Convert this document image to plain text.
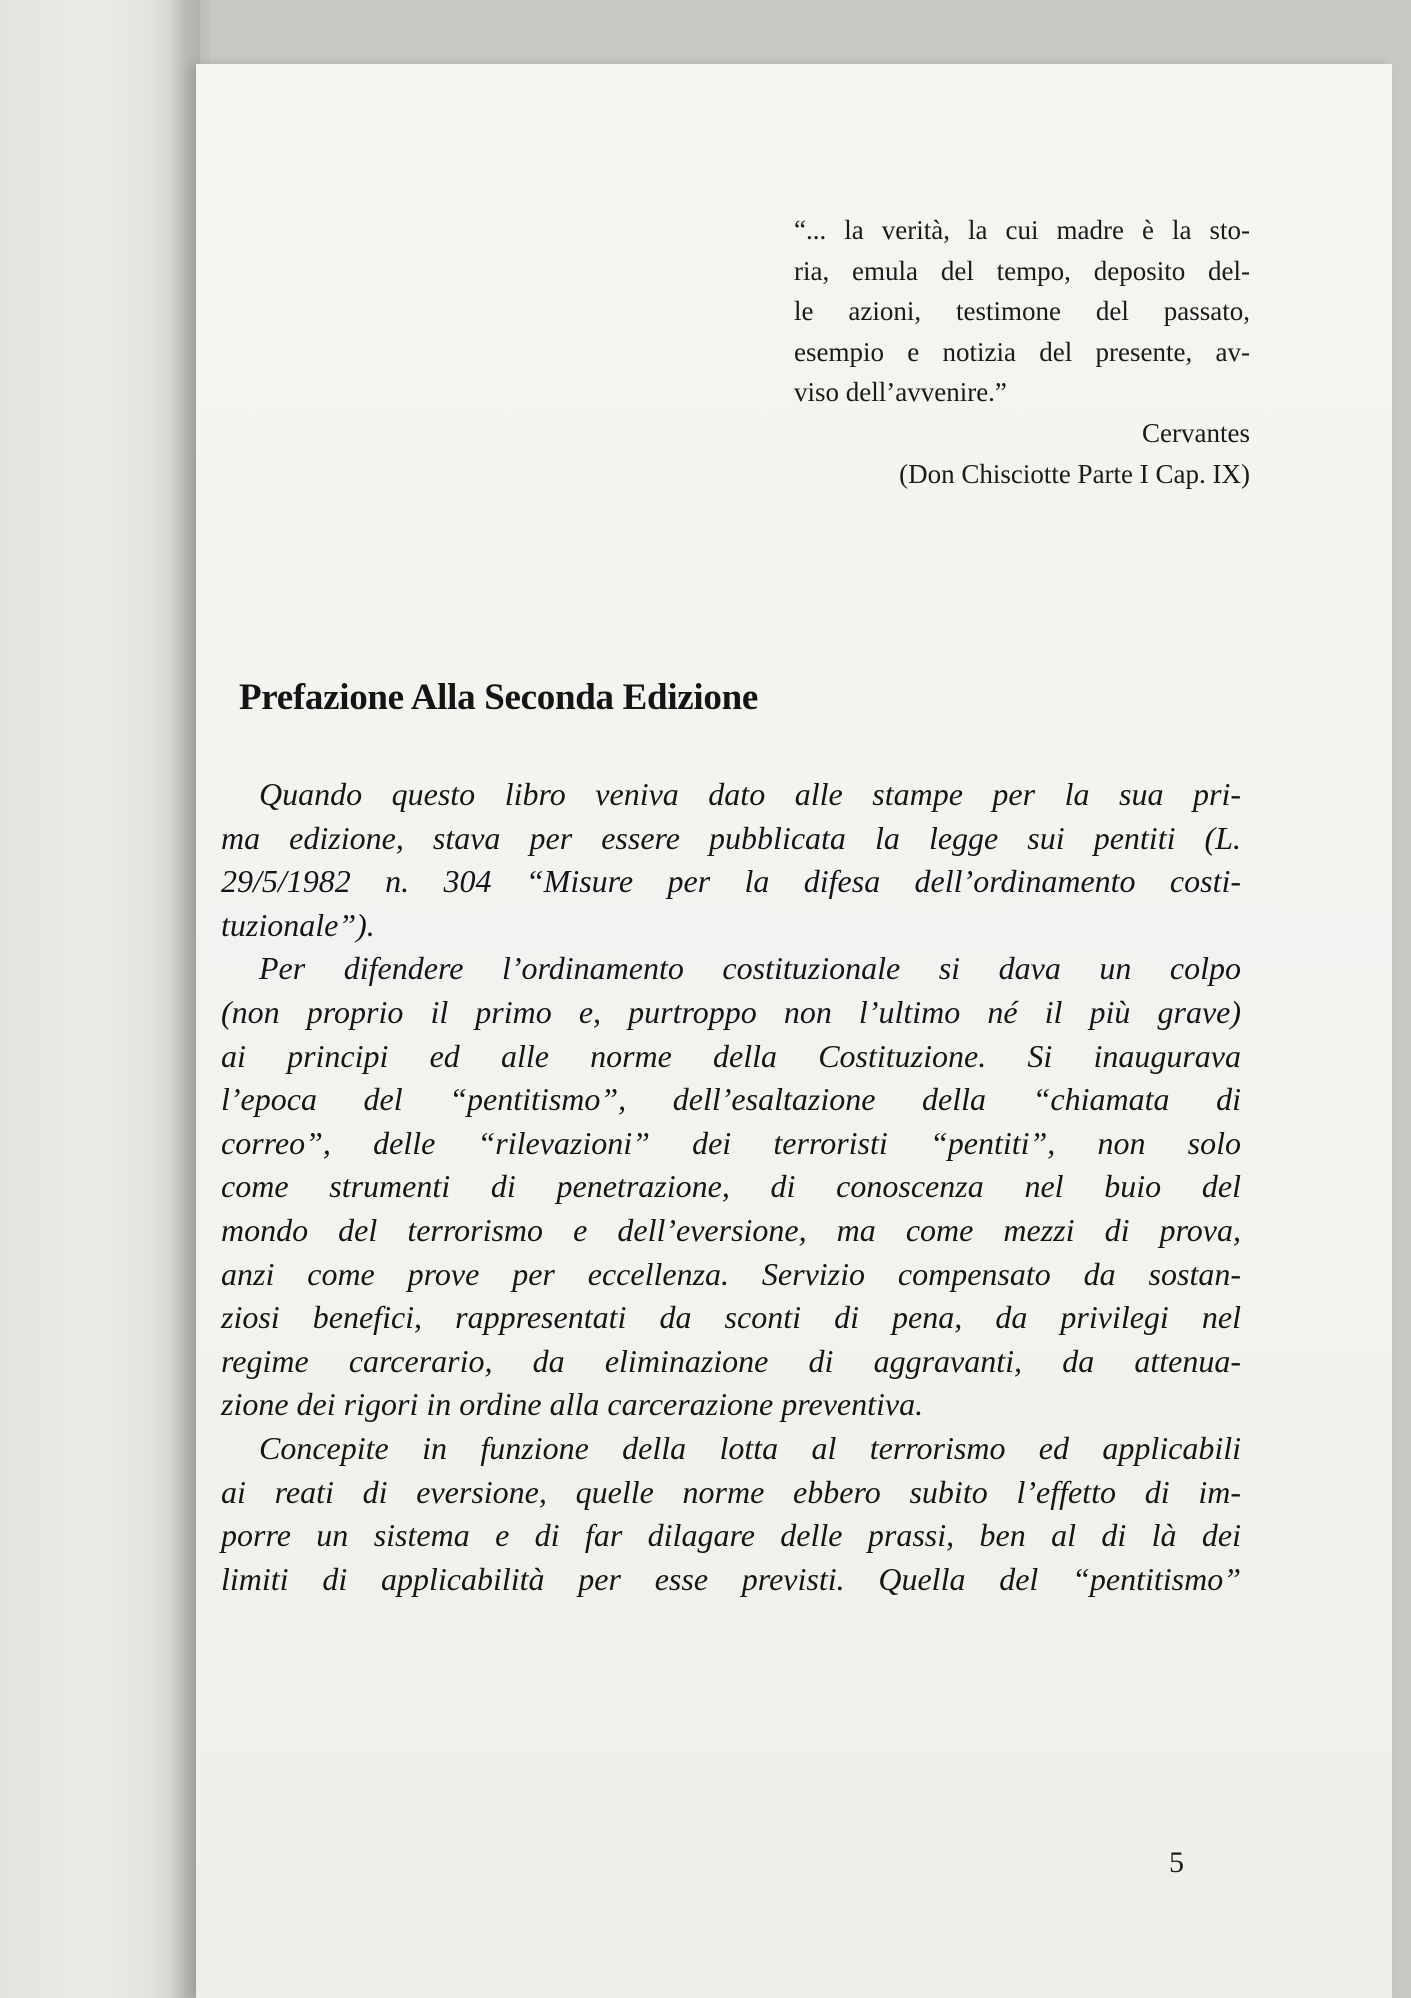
“... la verità, la cui madre è la sto-
ria, emula del tempo, deposito del-
le azioni, testimone del passato,
esempio e notizia del presente, av-
viso dell’avvenire.”
Cervantes
(Don Chisciotte Parte I Cap. IX)
Prefazione Alla Seconda Edizione
Quando questo libro veniva dato alle stampe per la sua pri-
ma edizione, stava per essere pubblicata la legge sui pentiti (L.
29/5/1982 n. 304 “Misure per la difesa dell’ordinamento costi-
tuzionale”).
Per difendere l’ordinamento costituzionale si dava un colpo
(non proprio il primo e, purtroppo non l’ultimo né il più grave)
ai principi ed alle norme della Costituzione. Si inaugurava
l’epoca del “pentitismo”, dell’esaltazione della “chiamata di
correo”, delle “rilevazioni” dei terroristi “pentiti”, non solo
come strumenti di penetrazione, di conoscenza nel buio del
mondo del terrorismo e dell’eversione, ma come mezzi di prova,
anzi come prove per eccellenza. Servizio compensato da sostan-
ziosi benefici, rappresentati da sconti di pena, da privilegi nel
regime carcerario, da eliminazione di aggravanti, da attenua-
zione dei rigori in ordine alla carcerazione preventiva.
Concepite in funzione della lotta al terrorismo ed applicabili
ai reati di eversione, quelle norme ebbero subito l’effetto di im-
porre un sistema e di far dilagare delle prassi, ben al di là dei
limiti di applicabilità per esse previsti. Quella del “pentitismo”
5
